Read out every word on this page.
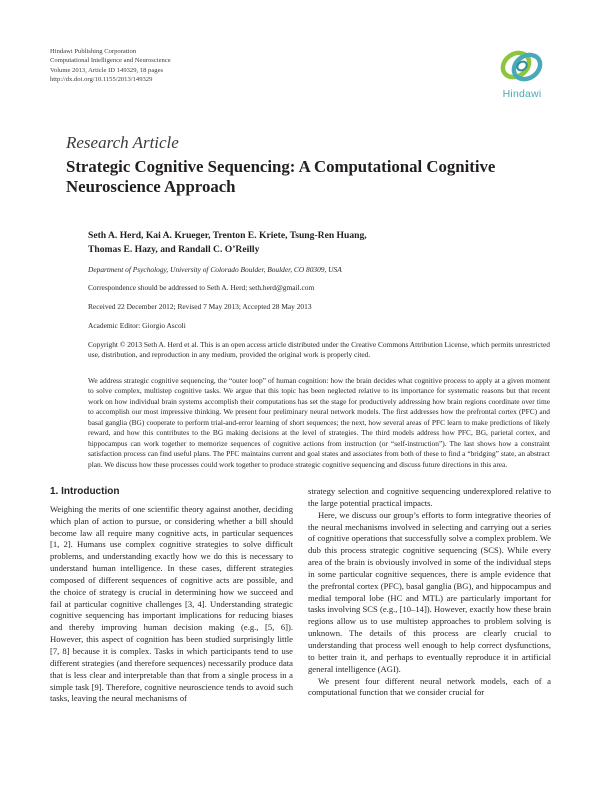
Hindawi Publishing Corporation
Computational Intelligence and Neuroscience
Volume 2013, Article ID 149329, 18 pages
http://dx.doi.org/10.1155/2013/149329
Hindawi
Research Article
Strategic Cognitive Sequencing: A Computational Cognitive Neuroscience Approach
Seth A. Herd, Kai A. Krueger, Trenton E. Kriete, Tsung-Ren Huang,
Thomas E. Hazy, and Randall C. O’Reilly
Department of Psychology, University of Colorado Boulder, Boulder, CO 80309, USA
Correspondence should be addressed to Seth A. Herd; seth.herd@gmail.com
Received 22 December 2012; Revised 7 May 2013; Accepted 28 May 2013
Academic Editor: Giorgio Ascoli
Copyright © 2013 Seth A. Herd et al. This is an open access article distributed under the Creative Commons Attribution License, which permits unrestricted use, distribution, and reproduction in any medium, provided the original work is properly cited.

We address strategic cognitive sequencing, the “outer loop” of human cognition: how the brain decides what cognitive process to apply at a given moment to solve complex, multistep cognitive tasks. We argue that this topic has been neglected relative to its importance for systematic reasons but that recent work on how individual brain systems accomplish their computations has set the stage for productively addressing how brain regions coordinate over time to accomplish our most impressive thinking. We present four preliminary neural network models. The first addresses how the prefrontal cortex (PFC) and basal ganglia (BG) cooperate to perform trial-and-error learning of short sequences; the next, how several areas of PFC learn to make predictions of likely reward, and how this contributes to the BG making decisions at the level of strategies. The third models address how PFC, BG, parietal cortex, and hippocampus can work together to memorize sequences of cognitive actions from instruction (or “self-instruction”). The last shows how a constraint satisfaction process can find useful plans. The PFC maintains current and goal states and associates from both of these to find a “bridging” state, an abstract plan. We discuss how these processes could work together to produce strategic cognitive sequencing and discuss future directions in this area.

1. Introduction

Weighing the merits of one scientific theory against another, deciding which plan of action to pursue, or considering whether a bill should become law all require many cognitive acts, in particular sequences [1, 2]. Humans use complex cognitive strategies to solve difficult problems, and understanding exactly how we do this is necessary to understand human intelligence. In these cases, different strategies composed of different sequences of cognitive acts are possible, and the choice of strategy is crucial in determining how we succeed and fail at particular cognitive challenges [3, 4]. Understanding strategic cognitive sequencing has important implications for reducing biases and thereby improving human decision making (e.g., [5, 6]). However, this aspect of cognition has been studied surprisingly little [7, 8] because it is complex. Tasks in which participants tend to use different strategies (and therefore sequences) necessarily produce data that is less clear and interpretable than that from a single process in a simple task [9]. Therefore, cognitive neuroscience tends to avoid such tasks, leaving the neural mechanisms of

strategy selection and cognitive sequencing underexplored relative to the large potential practical impacts.

Here, we discuss our group’s efforts to form integrative theories of the neural mechanisms involved in selecting and carrying out a series of cognitive operations that successfully solve a complex problem. We dub this process strategic cognitive sequencing (SCS). While every area of the brain is obviously involved in some of the individual steps in some particular cognitive sequences, there is ample evidence that the prefrontal cortex (PFC), basal ganglia (BG), and hippocampus and medial temporal lobe (HC and MTL) are particularly important for tasks involving SCS (e.g., [10–14]). However, exactly how these brain regions allow us to use multistep approaches to problem solving is unknown. The details of this process are clearly crucial to understanding that process well enough to help correct dysfunctions, to better train it, and perhaps to eventually reproduce it in artificial general intelligence (AGI).

We present four different neural network models, each of a computational function that we consider crucial for
